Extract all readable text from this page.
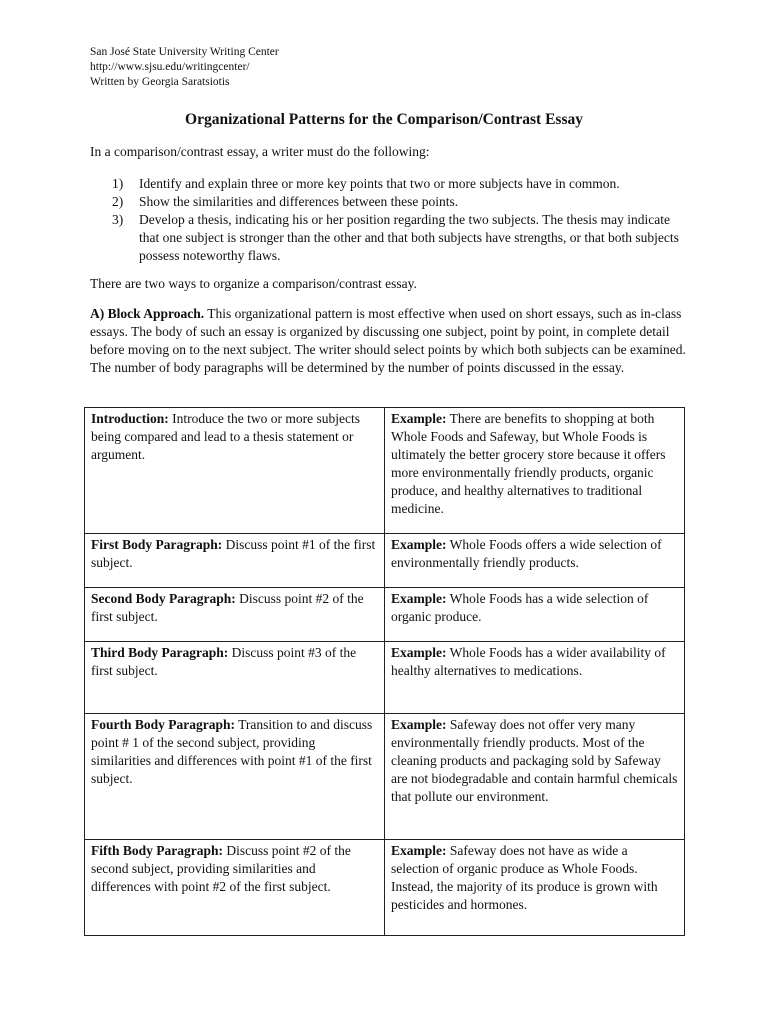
San José State University Writing Center
http://www.sjsu.edu/writingcenter/
Written by Georgia Saratsiotis
Organizational Patterns for the Comparison/Contrast Essay
In a comparison/contrast essay, a writer must do the following:
1)	Identify and explain three or more key points that two or more subjects have in common.
2)	Show the similarities and differences between these points.
3)	Develop a thesis, indicating his or her position regarding the two subjects. The thesis may indicate that one subject is stronger than the other and that both subjects have strengths, or that both subjects possess noteworthy flaws.
There are two ways to organize a comparison/contrast essay.
A) Block Approach. This organizational pattern is most effective when used on short essays, such as in-class essays. The body of such an essay is organized by discussing one subject, point by point, in complete detail before moving on to the next subject. The writer should select points by which both subjects can be examined. The number of body paragraphs will be determined by the number of points discussed in the essay.
Introduction: Introduce the two or more subjects being compared and lead to a thesis statement or argument.	Example: There are benefits to shopping at both Whole Foods and Safeway, but Whole Foods is ultimately the better grocery store because it offers more environmentally friendly products, organic produce, and healthy alternatives to traditional medicine.
First Body Paragraph: Discuss point #1 of the first subject.	Example: Whole Foods offers a wide selection of environmentally friendly products.
Second Body Paragraph: Discuss point #2 of the first subject.	Example: Whole Foods has a wide selection of organic produce.
Third Body Paragraph: Discuss point #3 of the first subject.	Example: Whole Foods has a wider availability of healthy alternatives to medications.
Fourth Body Paragraph: Transition to and discuss point # 1 of the second subject, providing similarities and differences with point #1 of the first subject.	Example: Safeway does not offer very many environmentally friendly products. Most of the cleaning products and packaging sold by Safeway are not biodegradable and contain harmful chemicals that pollute our environment.
Fifth Body Paragraph: Discuss point #2 of the second subject, providing similarities and differences with point #2 of the first subject.	Example: Safeway does not have as wide a selection of organic produce as Whole Foods. Instead, the majority of its produce is grown with pesticides and hormones.
